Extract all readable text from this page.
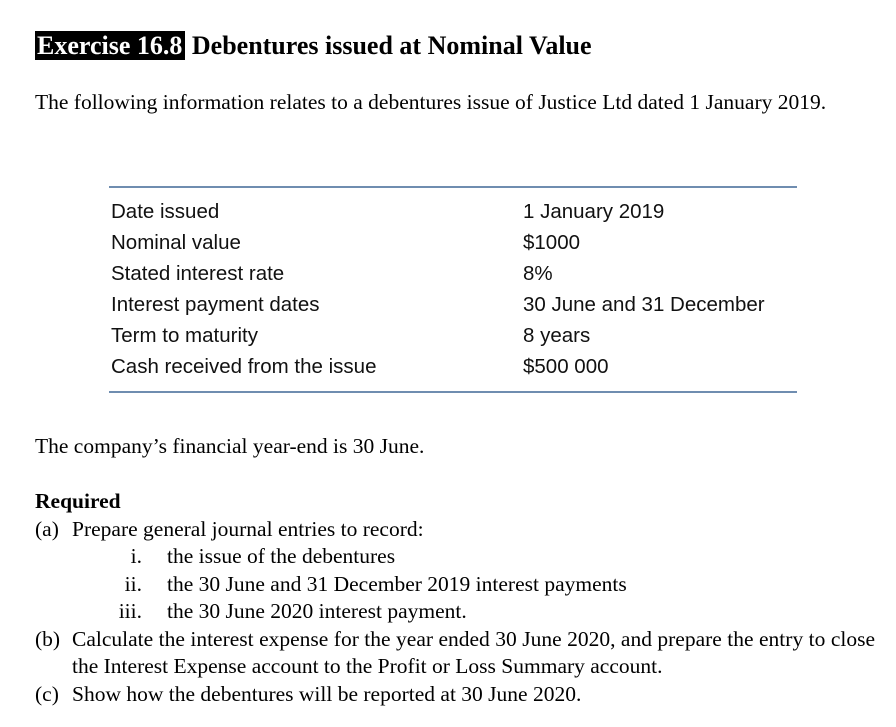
Exercise 16.8 Debentures issued at Nominal Value
The following information relates to a debentures issue of Justice Ltd dated 1 January 2019.
Date issued	1 January 2019
Nominal value	$1000
Stated interest rate	8%
Interest payment dates	30 June and 31 December
Term to maturity	8 years
Cash received from the issue	$500 000
The company’s financial year-end is 30 June.
Required
(a) Prepare general journal entries to record:
i. the issue of the debentures
ii. the 30 June and 31 December 2019 interest payments
iii. the 30 June 2020 interest payment.
(b) Calculate the interest expense for the year ended 30 June 2020, and prepare the entry to close the Interest Expense account to the Profit or Loss Summary account.
(c) Show how the debentures will be reported at 30 June 2020.
